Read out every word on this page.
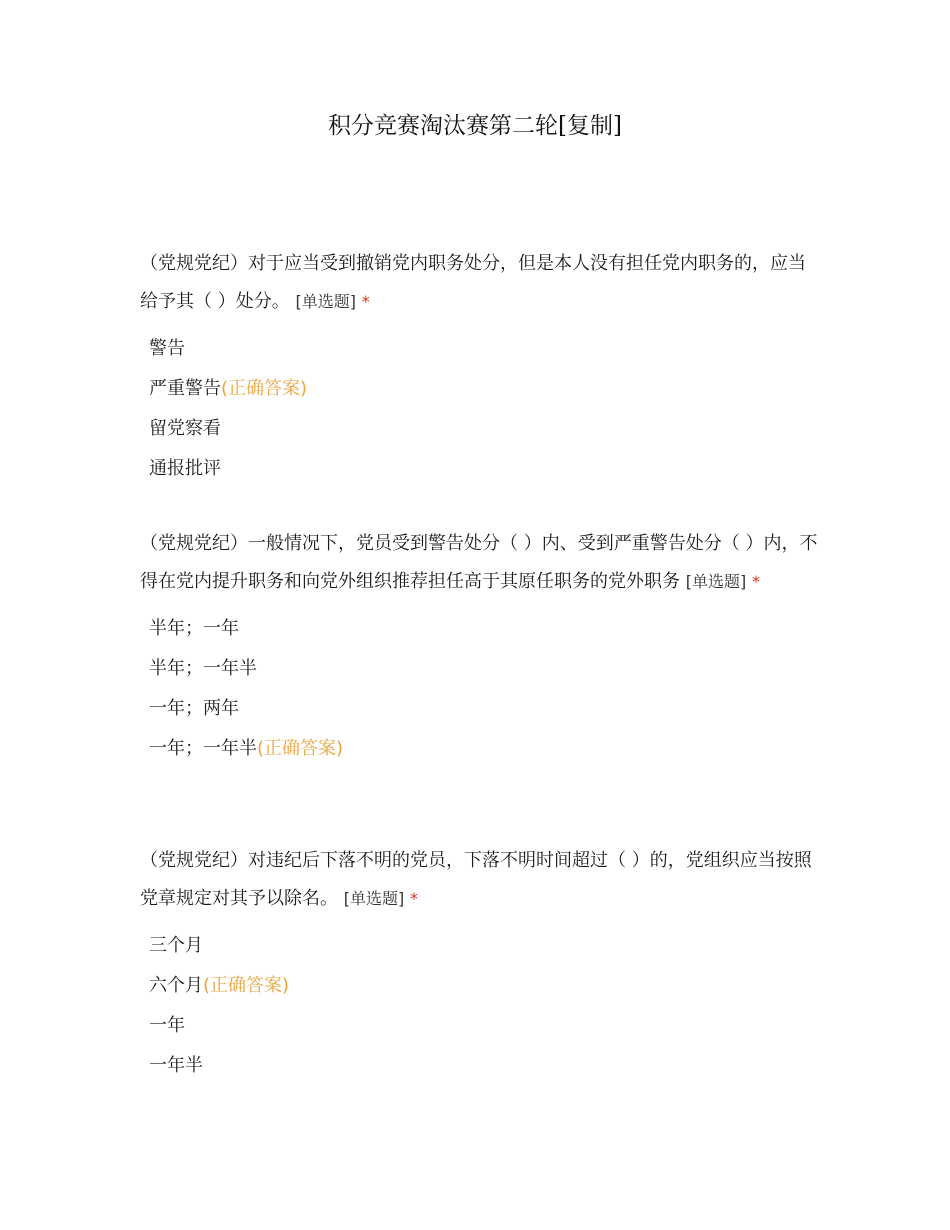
积分竞赛淘汰赛第二轮[复制]

（党规党纪）对于应当受到撤销党内职务处分，但是本人没有担任党内职务的，应当给予其（ ）处分。 [单选题] *

警告
严重警告(正确答案)
留党察看
通报批评

（党规党纪）一般情况下，党员受到警告处分（ ）内、受到严重警告处分（ ）内，不得在党内提升职务和向党外组织推荐担任高于其原任职务的党外职务 [单选题] *

半年；一年
半年；一年半
一年；两年
一年；一年半(正确答案)

（党规党纪）对违纪后下落不明的党员，下落不明时间超过（ ）的，党组织应当按照党章规定对其予以除名。 [单选题] *

三个月
六个月(正确答案)
一年
一年半
